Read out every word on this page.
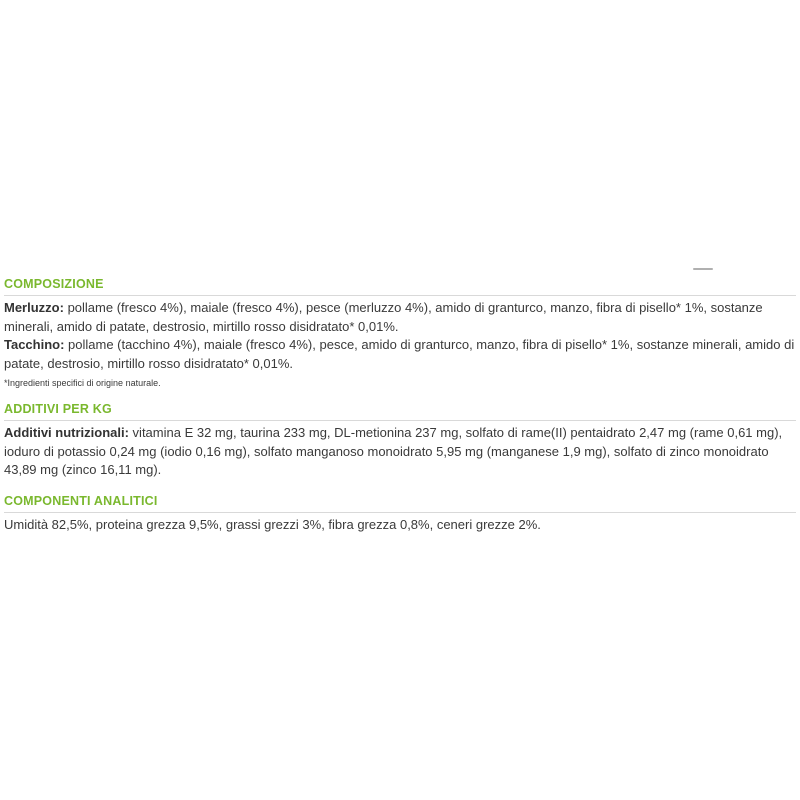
COMPOSIZIONE

Merluzzo: pollame (fresco 4%), maiale (fresco 4%), pesce (merluzzo 4%), amido di granturco, manzo, fibra di pisello* 1%, sostanze minerali, amido di patate, destrosio, mirtillo rosso disidratato* 0,01%.

Tacchino: pollame (tacchino 4%), maiale (fresco 4%), pesce, amido di granturco, manzo, fibra di pisello* 1%, sostanze minerali, amido di patate, destrosio, mirtillo rosso disidratato* 0,01%.

*Ingredienti specifici di origine naturale.
ADDITIVI PER KG

Additivi nutrizionali: vitamina E 32 mg, taurina 233 mg, DL-metionina 237 mg, solfato di rame(II) pentaidrato 2,47 mg (rame 0,61 mg), ioduro di potassio 0,24 mg (iodio 0,16 mg), solfato manganoso monoidrato 5,95 mg (manganese 1,9 mg), solfato di zinco monoidrato 43,89 mg (zinco 16,11 mg).

COMPONENTI ANALITICI

Umidità 82,5%, proteina grezza 9,5%, grassi grezzi 3%, fibra grezza 0,8%, ceneri grezze 2%.
